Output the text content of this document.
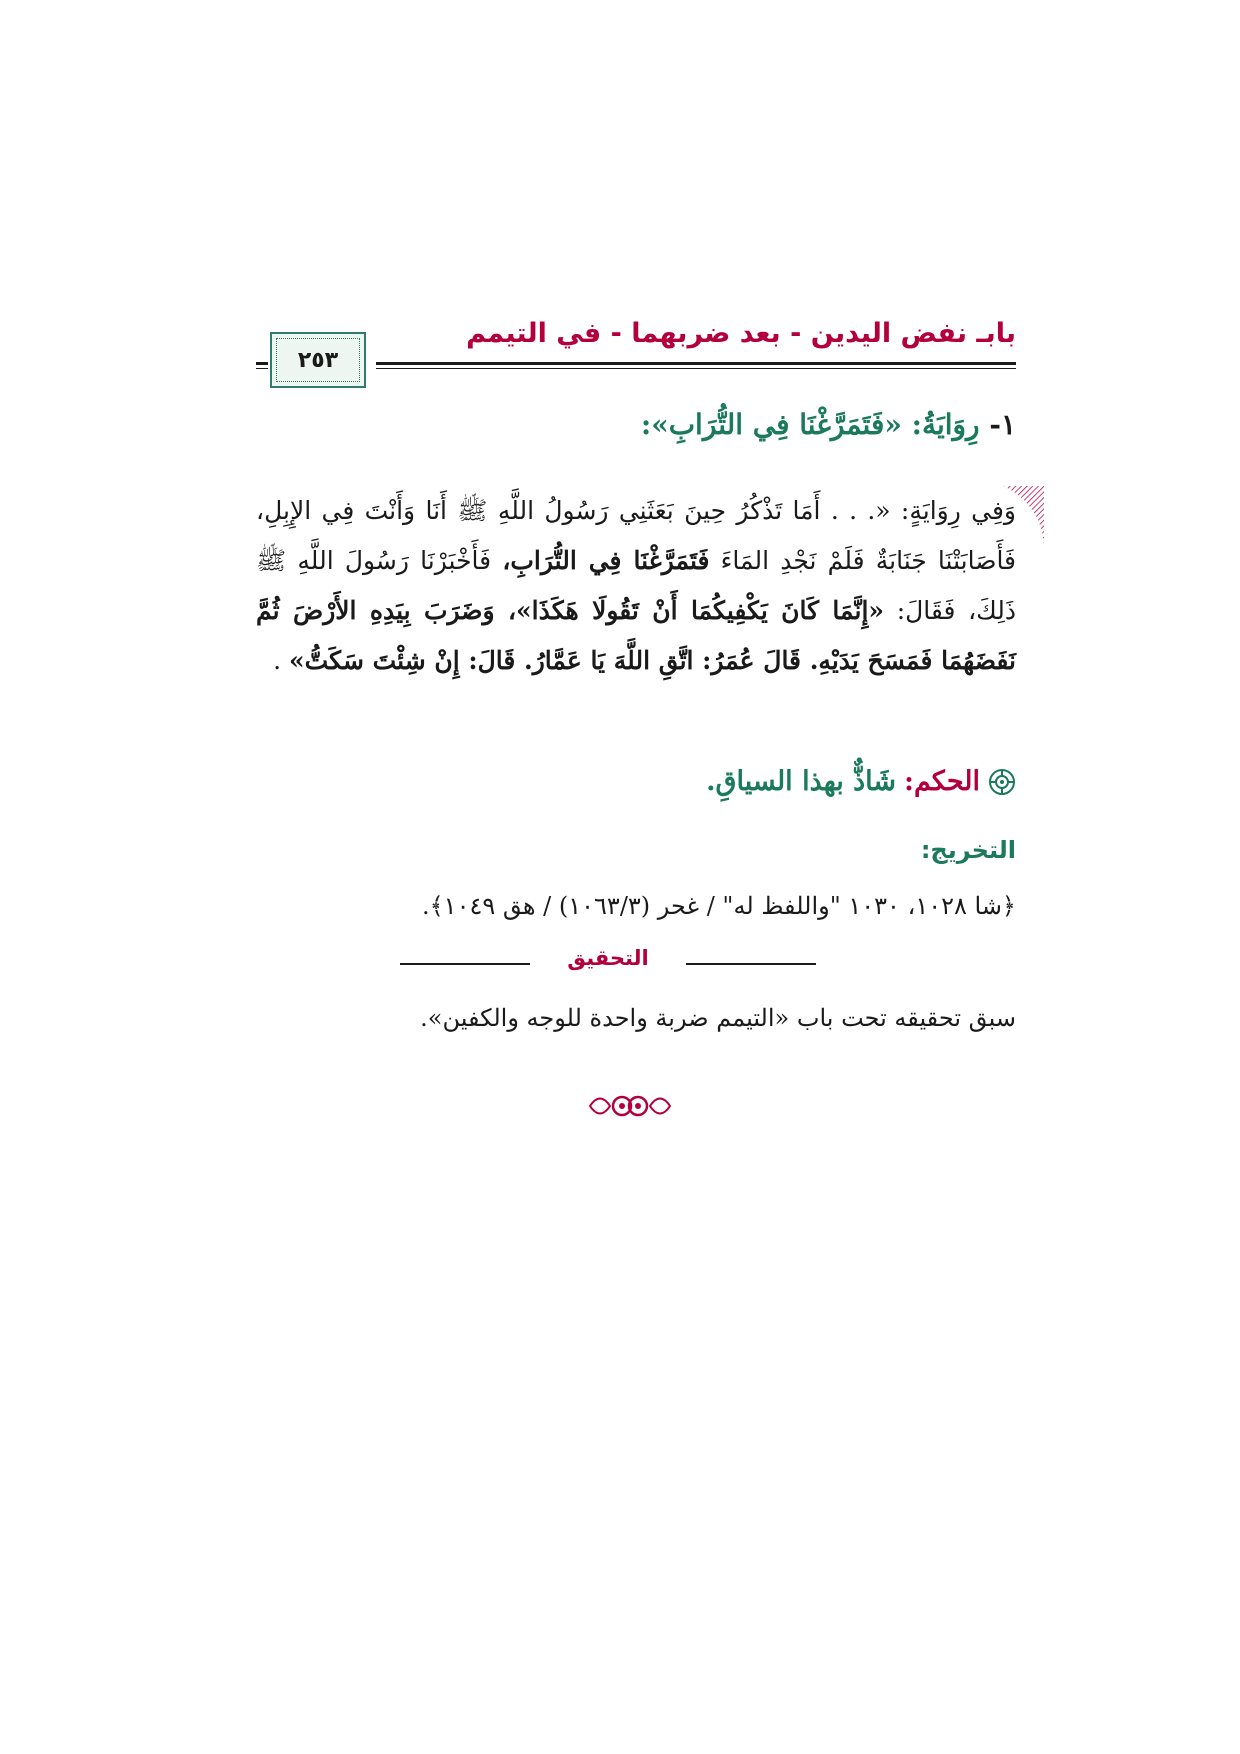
بابـ نفض اليدين - بعد ضربهما - في التيمم
٢٥٣
١- رِوَايَةُ: «فَتَمَرَّغْنَا فِي التُّرَابِ»:
وَفِي رِوَايَةٍ: «. . . أَمَا تَذْكُرُ حِينَ بَعَثَنِي رَسُولُ اللَّهِ ﷺ أَنَا وَأَنْتَ فِي الإِبِلِ، فَأَصَابَتْنَا جَنَابَةٌ فَلَمْ نَجْدِ المَاءَ فَتَمَرَّغْنَا فِي التُّرَابِ، فَأَخْبَرْنَا رَسُولَ اللَّهِ ﷺ ذَلِكَ، فَقَالَ: «إِنَّمَا كَانَ يَكْفِيكُمَا أَنْ تَقُولَا هَكَذَا»، وَضَرَبَ بِيَدِهِ الأَرْضَ ثُمَّ نَفَضَهُمَا فَمَسَحَ يَدَيْهِ. قَالَ عُمَرُ: اتَّقِ اللَّهَ يَا عَمَّارُ. قَالَ: إِنْ شِئْتَ سَكَتُّ» .
الحكم:
شَاذٌّ بهذا السياقِ.
التخريج:
﴿شا ١٠٢٨، ١٠٣٠ "واللفظ له" / غحر (١٠٦٣/٣) / هق ١٠٤٩﴾.
التحقيق
سبق تحقيقه تحت باب «التيمم ضربة واحدة للوجه والكفين».
